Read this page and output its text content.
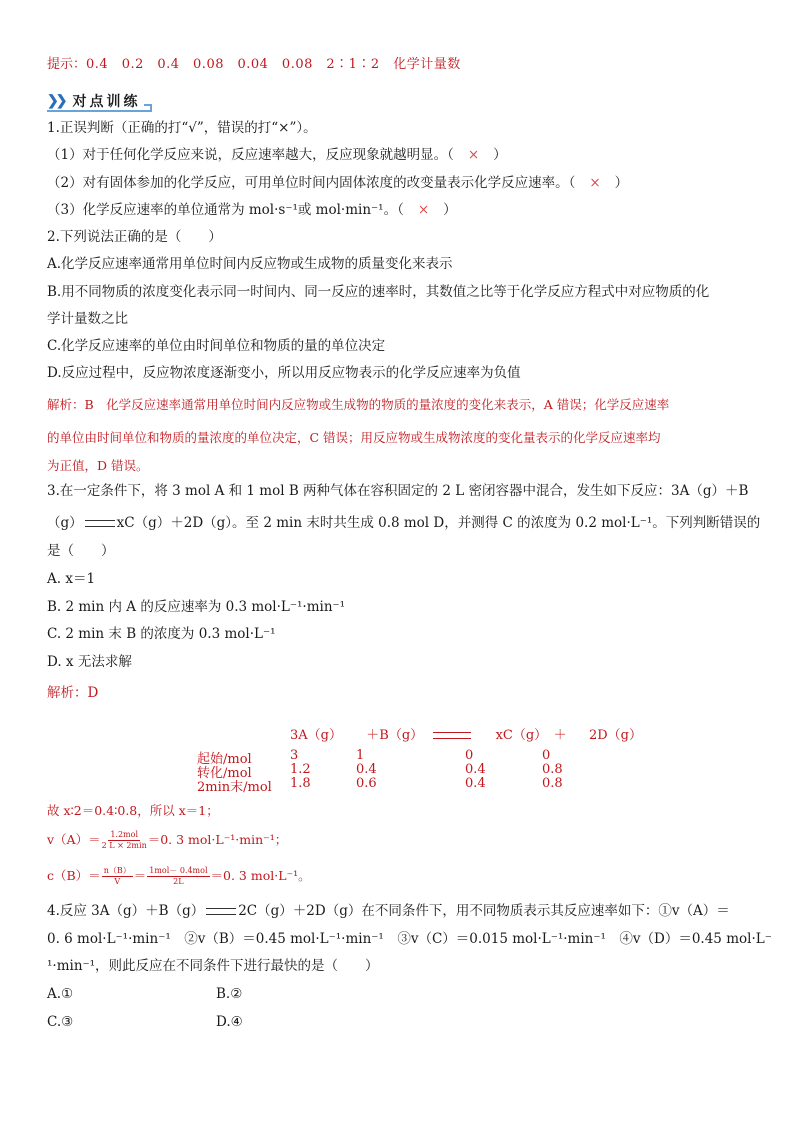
提示：0.4　0.2　0.4　0.08　0.04　0.08　2∶1∶2　化学计量数
❯❯ 对点训练
1.正误判断（正确的打“√”，错误的打“×”）。
（1）对于任何化学反应来说，反应速率越大，反应现象就越明显。（ × ）
（2）对有固体参加的化学反应，可用单位时间内固体浓度的改变量表示化学反应速率。（ × ）
（3）化学反应速率的单位通常为 mol·s⁻¹或 mol·min⁻¹。（ × ）
2.下列说法正确的是（　　）
A.化学反应速率通常用单位时间内反应物或生成物的质量变化来表示
B.用不同物质的浓度变化表示同一时间内、同一反应的速率时，其数值之比等于化学反应方程式中对应物质的化
学计量数之比
C.化学反应速率的单位由时间单位和物质的量的单位决定
D.反应过程中，反应物浓度逐渐变小，所以用反应物表示的化学反应速率为负值
解析：B　化学反应速率通常用单位时间内反应物或生成物的物质的量浓度的变化来表示，A 错误；化学反应速率
的单位由时间单位和物质的量浓度的单位决定，C 错误；用反应物或生成物浓度的变化量表示的化学反应速率均
为正值，D 错误。
3.在一定条件下，将 3 mol A 和 1 mol B 两种气体在容积固定的 2 L 密闭容器中混合，发生如下反应：3A（g）＋B
（g）	xC（g）＋2D（g）。至 2 min 末时共生成 0.8 mol D，并测得 C 的浓度为 0.2 mol·L⁻¹。下列判断错误的
是（　　）
A. x＝1
B. 2 min 内 A 的反应速率为 0.3 mol·L⁻¹·min⁻¹
C. 2 min 末 B 的浓度为 0.3 mol·L⁻¹
D. x 无法求解
解析：D
3A（g） ＋B（g）	xC（g）　＋ 2D（g）
起始/mol	3	1	0	0
转化/mol	1.2	0.4	0.4	0.8
2min末/mol 1.8	0.6	0.4	0.8
故 x∶2＝0.4∶0.8，所以 x＝1；
$v(A)= \frac{\text{1.2mol}}{2 L \times 2\min} =0$. 3 mol·L⁻¹·min⁻¹；
$c(B)= \frac{n(B)}{V} = \frac{\text{1mol－ 0.4mol}}{2L} =0$. 3 mol·L⁻¹。
4.反应 3A（g）＋B（g）	2C（g）＋2D（g）在不同条件下，用不同物质表示其反应速率如下：①v（A）＝
0. 6 mol·L⁻¹·min⁻¹　②v（B）＝0.45 mol·L⁻¹·min⁻¹　③v（C）＝0.015 mol·L⁻¹·min⁻¹　④v（D）＝0.45 mol·L⁻
¹·min⁻¹，则此反应在不同条件下进行最快的是（　　）
A.①	B.②
C.③	D.④
